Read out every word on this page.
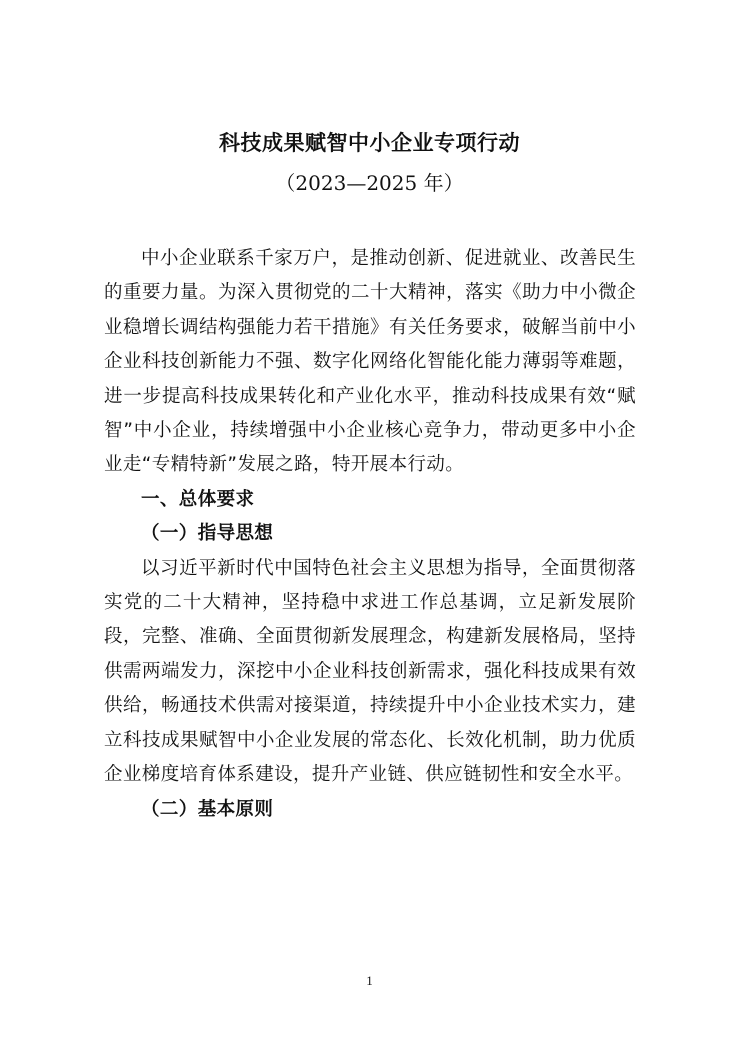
科技成果赋智中小企业专项行动
（2023—2025 年）

中小企业联系千家万户，是推动创新、促进就业、改善民生的重要力量。为深入贯彻党的二十大精神，落实《助力中小微企业稳增长调结构强能力若干措施》有关任务要求，破解当前中小企业科技创新能力不强、数字化网络化智能化能力薄弱等难题，进一步提高科技成果转化和产业化水平，推动科技成果有效“赋智”中小企业，持续增强中小企业核心竞争力，带动更多中小企业走“专精特新”发展之路，特开展本行动。

一、总体要求

（一）指导思想

以习近平新时代中国特色社会主义思想为指导，全面贯彻落实党的二十大精神，坚持稳中求进工作总基调，立足新发展阶段，完整、准确、全面贯彻新发展理念，构建新发展格局，坚持供需两端发力，深挖中小企业科技创新需求，强化科技成果有效供给，畅通技术供需对接渠道，持续提升中小企业技术实力，建立科技成果赋智中小企业发展的常态化、长效化机制，助力优质企业梯度培育体系建设，提升产业链、供应链韧性和安全水平。

（二）基本原则

1
